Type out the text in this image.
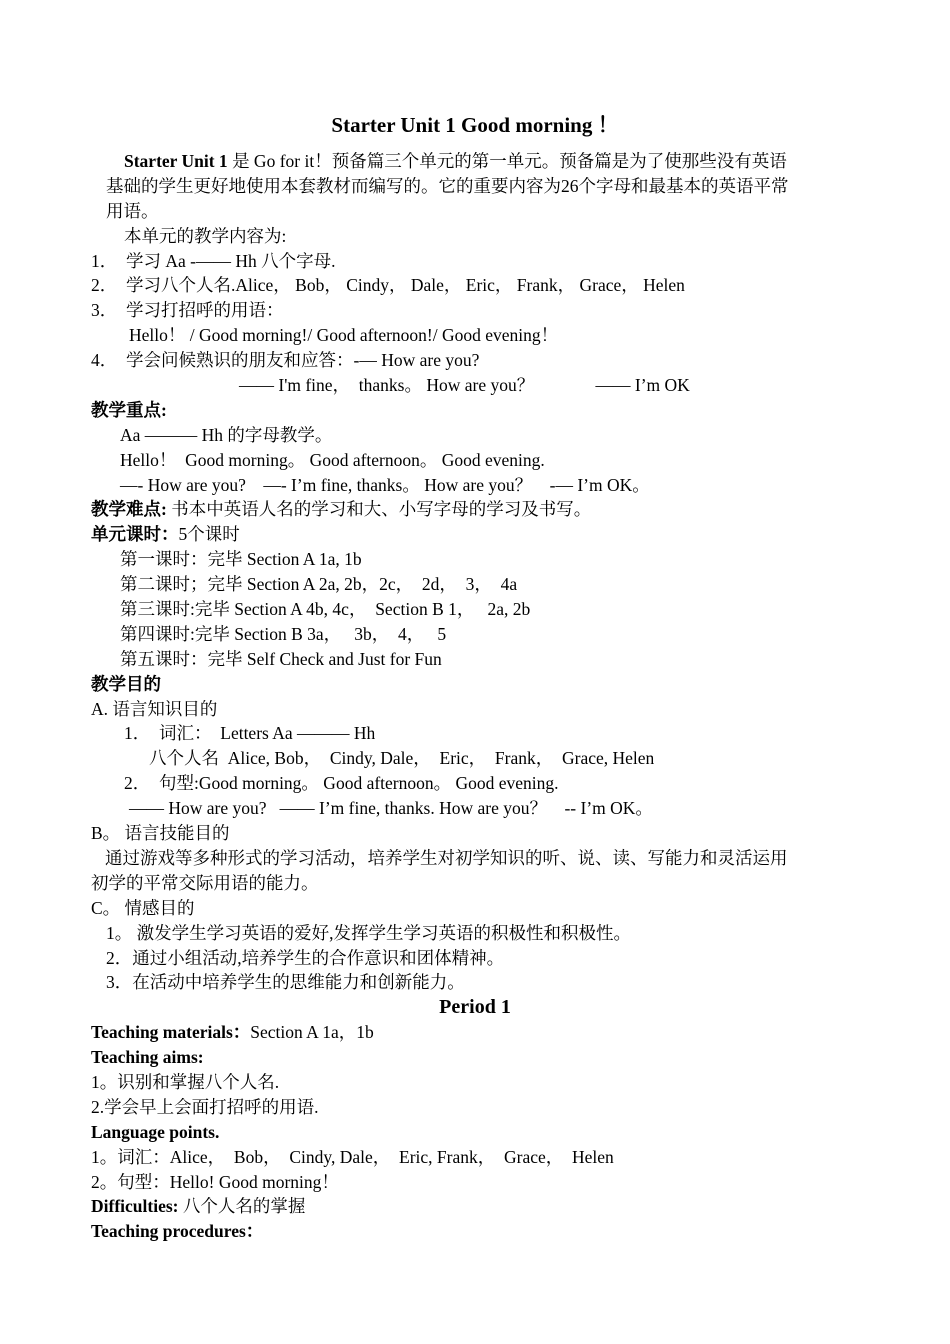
Starter Unit 1 Good morning ！
Starter Unit 1 是 Go for it！预备篇三个单元的第一单元。预备篇是为了使那些没有英语
基础的学生更好地使用本套教材而编写的。它的重要内容为26个字母和最基本的英语平常
用语。
本单元的教学内容为:
1．  学习 Aa -—— Hh 八个字母.
2．  学习八个人名.Alice， Bob， Cindy， Dale， Eric， Frank， Grace， Helen
3．  学习打招呼的用语：
Hello！ / Good morning!/ Good afternoon!/ Good evening！
4．  学会问候熟识的朋友和应答：-— How are you?
—— I'm fine，  thanks。 How are you？              —— I’m OK
教学重点:
Aa ——— Hh 的字母教学。
Hello！  Good morning。 Good afternoon。 Good evening.
—- How are you?    —- I’m fine, thanks。 How are you？    -— I’m OK。
教学难点: 书本中英语人名的学习和大、小写字母的学习及书写。
单元课时：5个课时
第一课时：完毕 Section A 1a, 1b
第二课时；完毕 Section A 2a, 2b，2c，  2d，  3，  4a
第三课时:完毕 Section A 4b, 4c，  Section B 1，   2a, 2b
第四课时:完毕 Section B 3a，   3b，  4，   5
第五课时：完毕 Self Check and Just for Fun
教学目的
A. 语言知识目的
1．  词汇：  Letters Aa ——— Hh
八个人名  Alice, Bob，  Cindy, Dale，  Eric，  Frank，  Grace, Helen
2．  句型:Good morning。 Good afternoon。 Good evening.
—— How are you?   —— I’m fine, thanks. How are you？    -- I’m OK。
B。 语言技能目的
通过游戏等多种形式的学习活动，培养学生对初学知识的听、说、读、写能力和灵活运用
初学的平常交际用语的能力。
C。 情感目的
1。 激发学生学习英语的爱好,发挥学生学习英语的积极性和积极性。
2．通过小组活动,培养学生的合作意识和团体精神。
3．在活动中培养学生的思维能力和创新能力。
Period 1
Teaching materials：Section A 1a，1b
Teaching aims:
1。识别和掌握八个人名.
2.学会早上会面打招呼的用语.
Language points.
1。词汇：Alice，  Bob，  Cindy, Dale，  Eric, Frank，  Grace，  Helen
2。句型：Hello! Good morning！
Difficulties: 八个人名的掌握
Teaching procedures：
